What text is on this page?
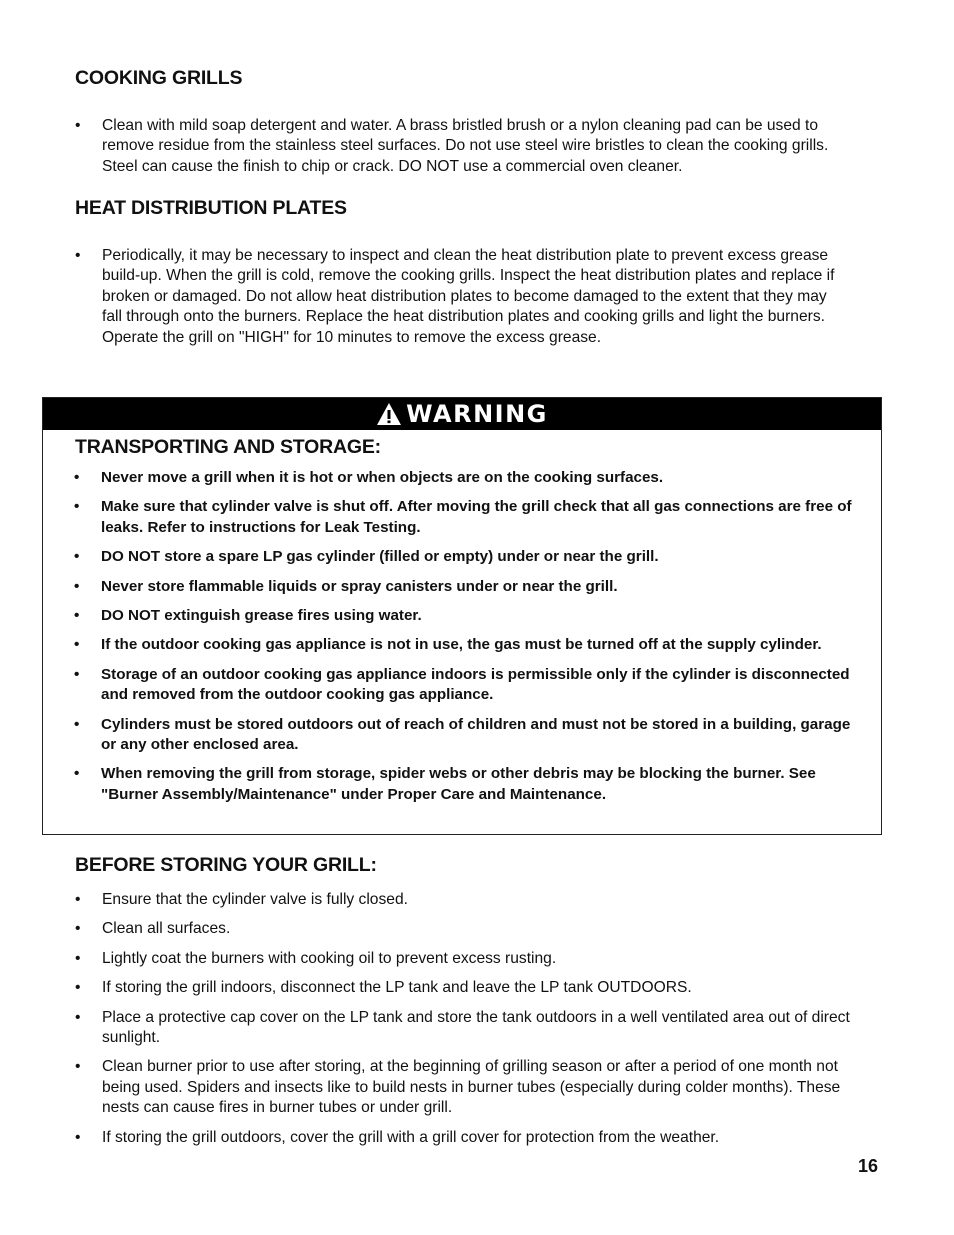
COOKING GRILLS
• Clean with mild soap detergent and water. A brass bristled brush or a nylon cleaning pad can be used to remove residue from the stainless steel surfaces. Do not use steel wire bristles to clean the cooking grills. Steel can cause the finish to chip or crack. DO NOT use a commercial oven cleaner.
HEAT DISTRIBUTION PLATES
• Periodically, it may be necessary to inspect and clean the heat distribution plate to prevent excess grease build-up. When the grill is cold, remove the cooking grills. Inspect the heat distribution plates and replace if broken or damaged. Do not allow heat distribution plates to become damaged to the extent that they may fall through onto the burners. Replace the heat distribution plates and cooking grills and light the burners. Operate the grill on "HIGH" for 10 minutes to remove the excess grease.
WARNING
TRANSPORTING AND STORAGE:
• Never move a grill when it is hot or when objects are on the cooking surfaces.
• Make sure that cylinder valve is shut off. After moving the grill check that all gas connections are free of leaks. Refer to instructions for Leak Testing.
• DO NOT store a spare LP gas cylinder (filled or empty) under or near the grill.
• Never store flammable liquids or spray canisters under or near the grill.
• DO NOT extinguish grease fires using water.
• If the outdoor cooking gas appliance is not in use, the gas must be turned off at the supply cylinder.
• Storage of an outdoor cooking gas appliance indoors is permissible only if the cylinder is disconnected and removed from the outdoor cooking gas appliance.
• Cylinders must be stored outdoors out of reach of children and must not be stored in a building, garage or any other enclosed area.
• When removing the grill from storage, spider webs or other debris may be blocking the burner. See "Burner Assembly/Maintenance" under Proper Care and Maintenance.
BEFORE STORING YOUR GRILL:
• Ensure that the cylinder valve is fully closed.
• Clean all surfaces.
• Lightly coat the burners with cooking oil to prevent excess rusting.
• If storing the grill indoors, disconnect the LP tank and leave the LP tank OUTDOORS.
• Place a protective cap cover on the LP tank and store the tank outdoors in a well ventilated area out of direct sunlight.
• Clean burner prior to use after storing, at the beginning of grilling season or after a period of one month not being used. Spiders and insects like to build nests in burner tubes (especially during colder months). These nests can cause fires in burner tubes or under grill.
• If storing the grill outdoors, cover the grill with a grill cover for protection from the weather.
16
